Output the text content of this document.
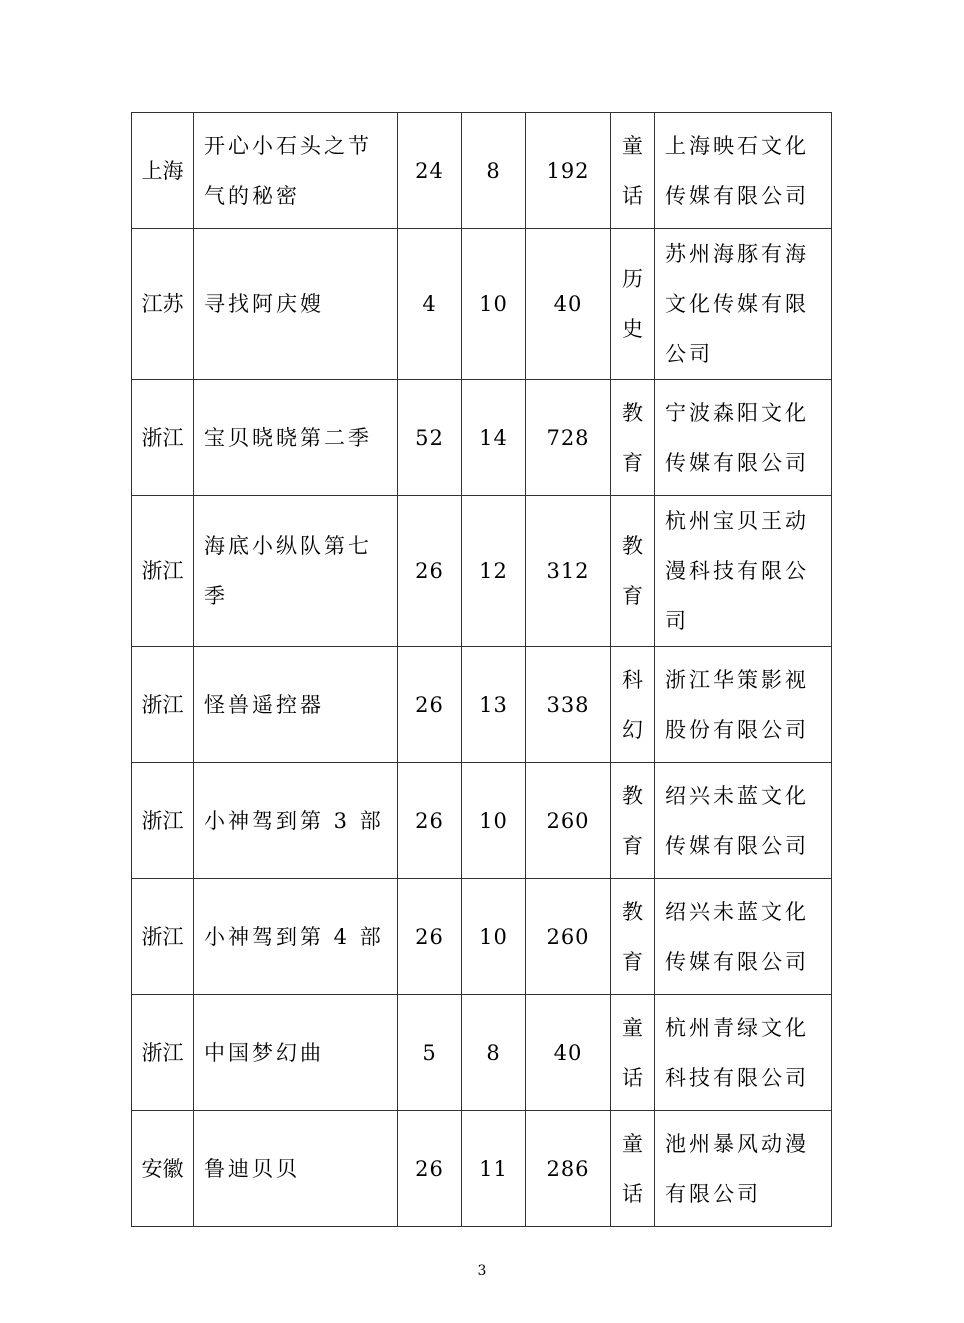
上海	开心小石头之节气的秘密	24	8	192	童话	上海映石文化传媒有限公司
江苏	寻找阿庆嫂	4	10	40	历史	苏州海豚有海文化传媒有限公司
浙江	宝贝晓晓第二季	52	14	728	教育	宁波森阳文化传媒有限公司
浙江	海底小纵队第七季	26	12	312	教育	杭州宝贝王动漫科技有限公司
浙江	怪兽遥控器	26	13	338	科幻	浙江华策影视股份有限公司
浙江	小神驾到第 3 部	26	10	260	教育	绍兴未蓝文化传媒有限公司
浙江	小神驾到第 4 部	26	10	260	教育	绍兴未蓝文化传媒有限公司
浙江	中国梦幻曲	5	8	40	童话	杭州青绿文化科技有限公司
安徽	鲁迪贝贝	26	11	286	童话	池州暴风动漫有限公司
3
